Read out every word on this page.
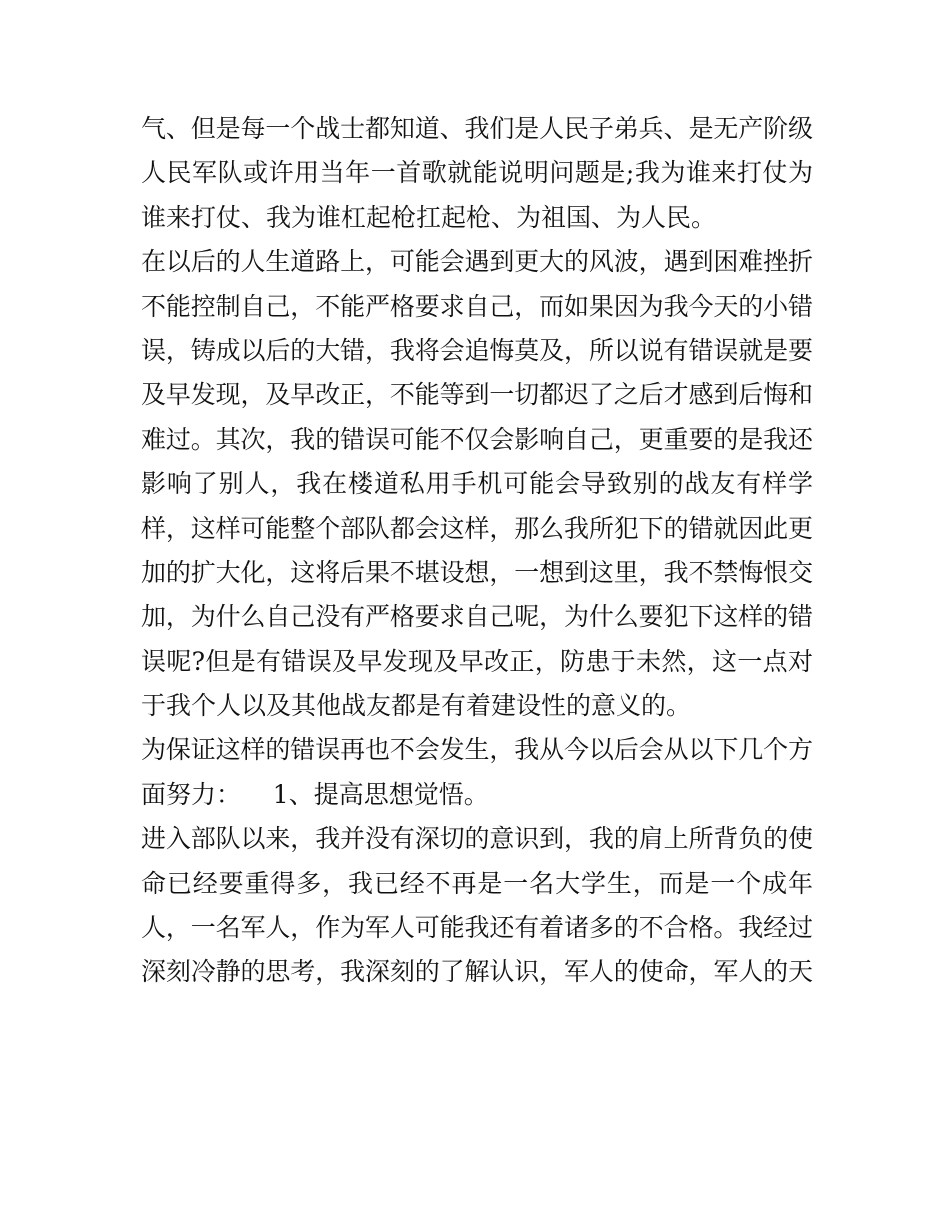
气、但是每一个战士都知道、我们是人民子弟兵、是无产阶级
人民军队或许用当年一首歌就能说明问题是;我为谁来打仗为
谁来打仗、我为谁杠起枪扛起枪、为祖国、为人民。
在以后的人生道路上，可能会遇到更大的风波，遇到困难挫折
不能控制自己，不能严格要求自己，而如果因为我今天的小错
误，铸成以后的大错，我将会追悔莫及，所以说有错误就是要
及早发现，及早改正，不能等到一切都迟了之后才感到后悔和
难过。其次，我的错误可能不仅会影响自己，更重要的是我还
影响了别人，我在楼道私用手机可能会导致别的战友有样学
样，这样可能整个部队都会这样，那么我所犯下的错就因此更
加的扩大化，这将后果不堪设想，一想到这里，我不禁悔恨交
加，为什么自己没有严格要求自己呢，为什么要犯下这样的错
误呢?但是有错误及早发现及早改正，防患于未然，这一点对
于我个人以及其他战友都是有着建设性的意义的。
为保证这样的错误再也不会发生，我从今以后会从以下几个方
面努力：    1、提高思想觉悟。
进入部队以来，我并没有深切的意识到，我的肩上所背负的使
命已经要重得多，我已经不再是一名大学生，而是一个成年
人，一名军人，作为军人可能我还有着诸多的不合格。我经过
深刻冷静的思考，我深刻的了解认识，军人的使命，军人的天
